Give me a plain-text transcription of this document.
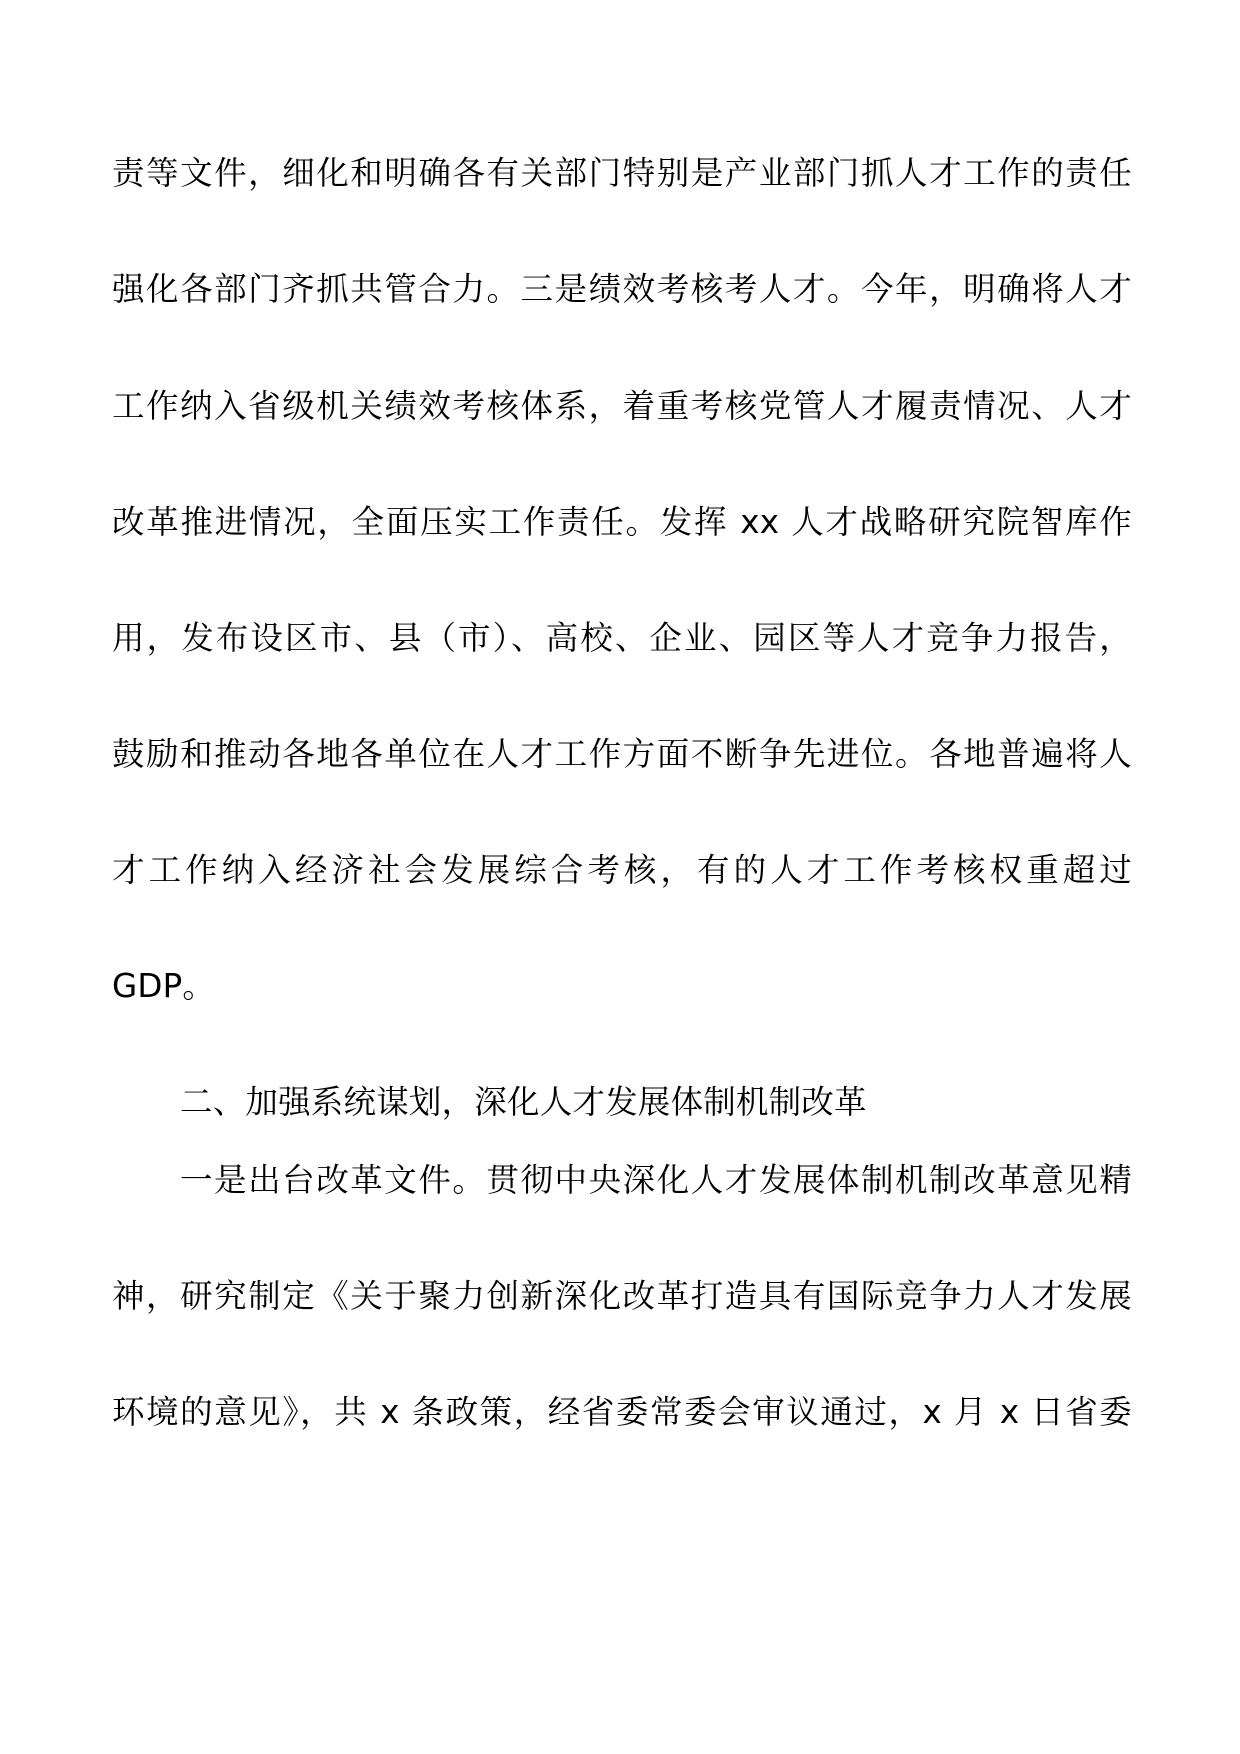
责等文件，细化和明确各有关部门特别是产业部门抓人才工作的责任
强化各部门齐抓共管合力。三是绩效考核考人才。今年，明确将人才
工作纳入省级机关绩效考核体系，着重考核党管人才履责情况、人才
改革推进情况，全面压实工作责任。发挥 xx 人才战略研究院智库作
用，发布设区市、县（市）、高校、企业、园区等人才竞争力报告，
鼓励和推动各地各单位在人才工作方面不断争先进位。各地普遍将人
才工作纳入经济社会发展综合考核，有的人才工作考核权重超过
GDP。
二、加强系统谋划，深化人才发展体制机制改革
一是出台改革文件。贯彻中央深化人才发展体制机制改革意见精
神，研究制定《关于聚力创新深化改革打造具有国际竞争力人才发展
环境的意见》，共 x 条政策，经省委常委会审议通过，x 月 x 日省委
